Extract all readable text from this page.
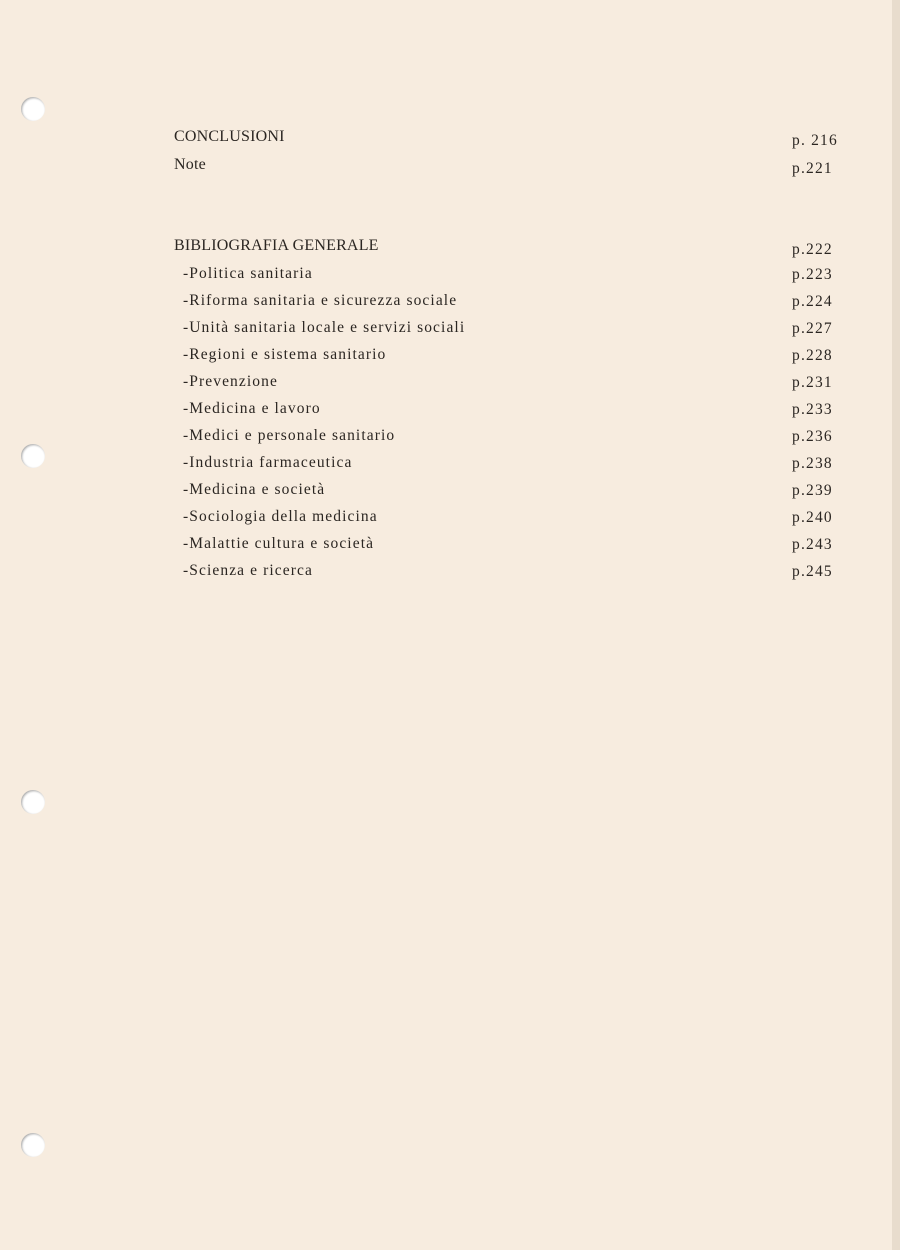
CONCLUSIONI	p. 216
Note	p.221
BIBLIOGRAFIA GENERALE	p.222
-Politica sanitaria	p.223
-Riforma sanitaria e sicurezza sociale	p.224
-Unità sanitaria locale e servizi sociali	p.227
-Regioni e sistema sanitario	p.228
-Prevenzione	p.231
-Medicina e lavoro	p.233
-Medici e personale sanitario	p.236
-Industria farmaceutica	p.238
-Medicina e società	p.239
-Sociologia della medicina	p.240
-Malattie cultura e società	p.243
-Scienza e ricerca	p.245
